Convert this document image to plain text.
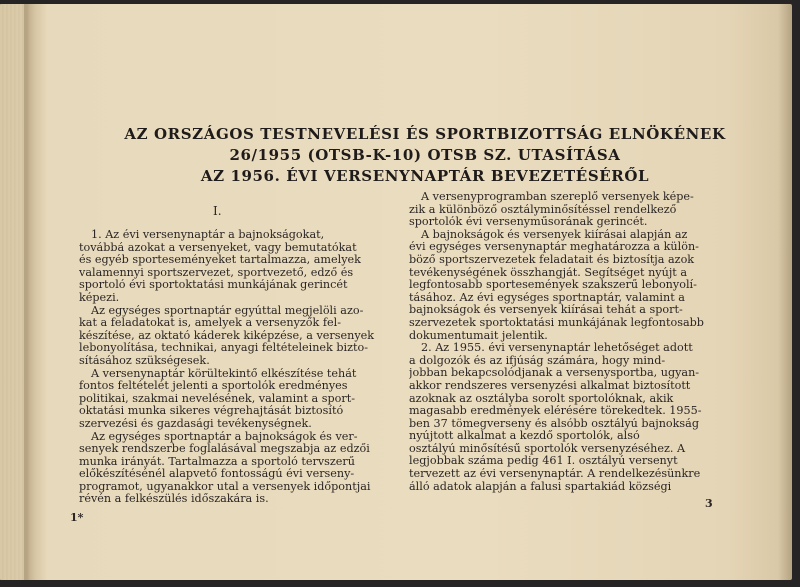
AZ ORSZÁGOS TESTNEVELÉSI ÉS SPORTBIZOTTSÁG ELNÖKÉNEK
26/1955 (OTSB-K-10) OTSB SZ. UTASÍTÁSA
AZ 1956. ÉVI VERSENYNAPTÁR BEVEZETÉSÉRŐL
I.
1. Az évi versenynaptár a bajnokságokat,
továbbá azokat a versenyeket, vagy bemutatókat
és egyéb sporteseményeket tartalmazza, amelyek
valamennyi sportszervezet, sportvezető, edző és
sportoló évi sportoktatási munkájának gerincét
képezi.
Az egységes sportnaptár egyúttal megjelöli azo-
kat a feladatokat is, amelyek a versenyzők fel-
készítése, az oktató káderek kiképzése, a versenyek
lebonyolítása, technikai, anyagi feltételeinek bizto-
sításához szükségesek.
A versenynaptár körültekintő elkészítése tehát
fontos feltételét jelenti a sportolók eredményes
politikai, szakmai nevelésének, valamint a sport-
oktatási munka sikeres végrehajtását biztosító
szervezési és gazdasági tevékenységnek.
Az egységes sportnaptár a bajnokságok és ver-
senyek rendszerbe foglalásával megszabja az edzői
munka irányát. Tartalmazza a sportoló tervszerű
előkészítésénél alapvető fontosságú évi verseny-
programot, ugyanakkor utal a versenyek időpontjai
révén a felkészülés időszakára is.
A versenyprogramban szereplő versenyek képe-
zik a különböző osztályminősítéssel rendelkező
sportolók évi versenyműsorának gerincét.
A bajnokságok és versenyek kiírásai alapján az
évi egységes versenynaptár meghatározza a külön-
böző sportszervezetek feladatait és biztosítja azok
tevékenységének összhangját. Segítséget nyújt a
legfontosabb sportesemények szakszerű lebonyolí-
tásához. Az évi egységes sportnaptár, valamint a
bajnokságok és versenyek kiírásai tehát a sport-
szervezetek sportoktatási munkájának legfontosabb
dokumentumait jelentik.
2. Az 1955. évi versenynaptár lehetőséget adott
a dolgozók és az ifjúság számára, hogy mind-
jobban bekapcsolódjanak a versenysportba, ugyan-
akkor rendszeres versenyzési alkalmat biztosított
azoknak az osztályba sorolt sportolóknak, akik
magasabb eredmények elérésére törekedtek. 1955-
ben 37 tömegverseny és alsóbb osztályú bajnokság
nyújtott alkalmat a kezdő sportolók, alsó
osztályú minősítésű sportolók versenyzéséhez. A
legjobbak száma pedig 461 I. osztályú versenyt
tervezett az évi versenynaptár. A rendelkezésünkre
álló adatok alapján a falusi spartakiád községi
1*
3
